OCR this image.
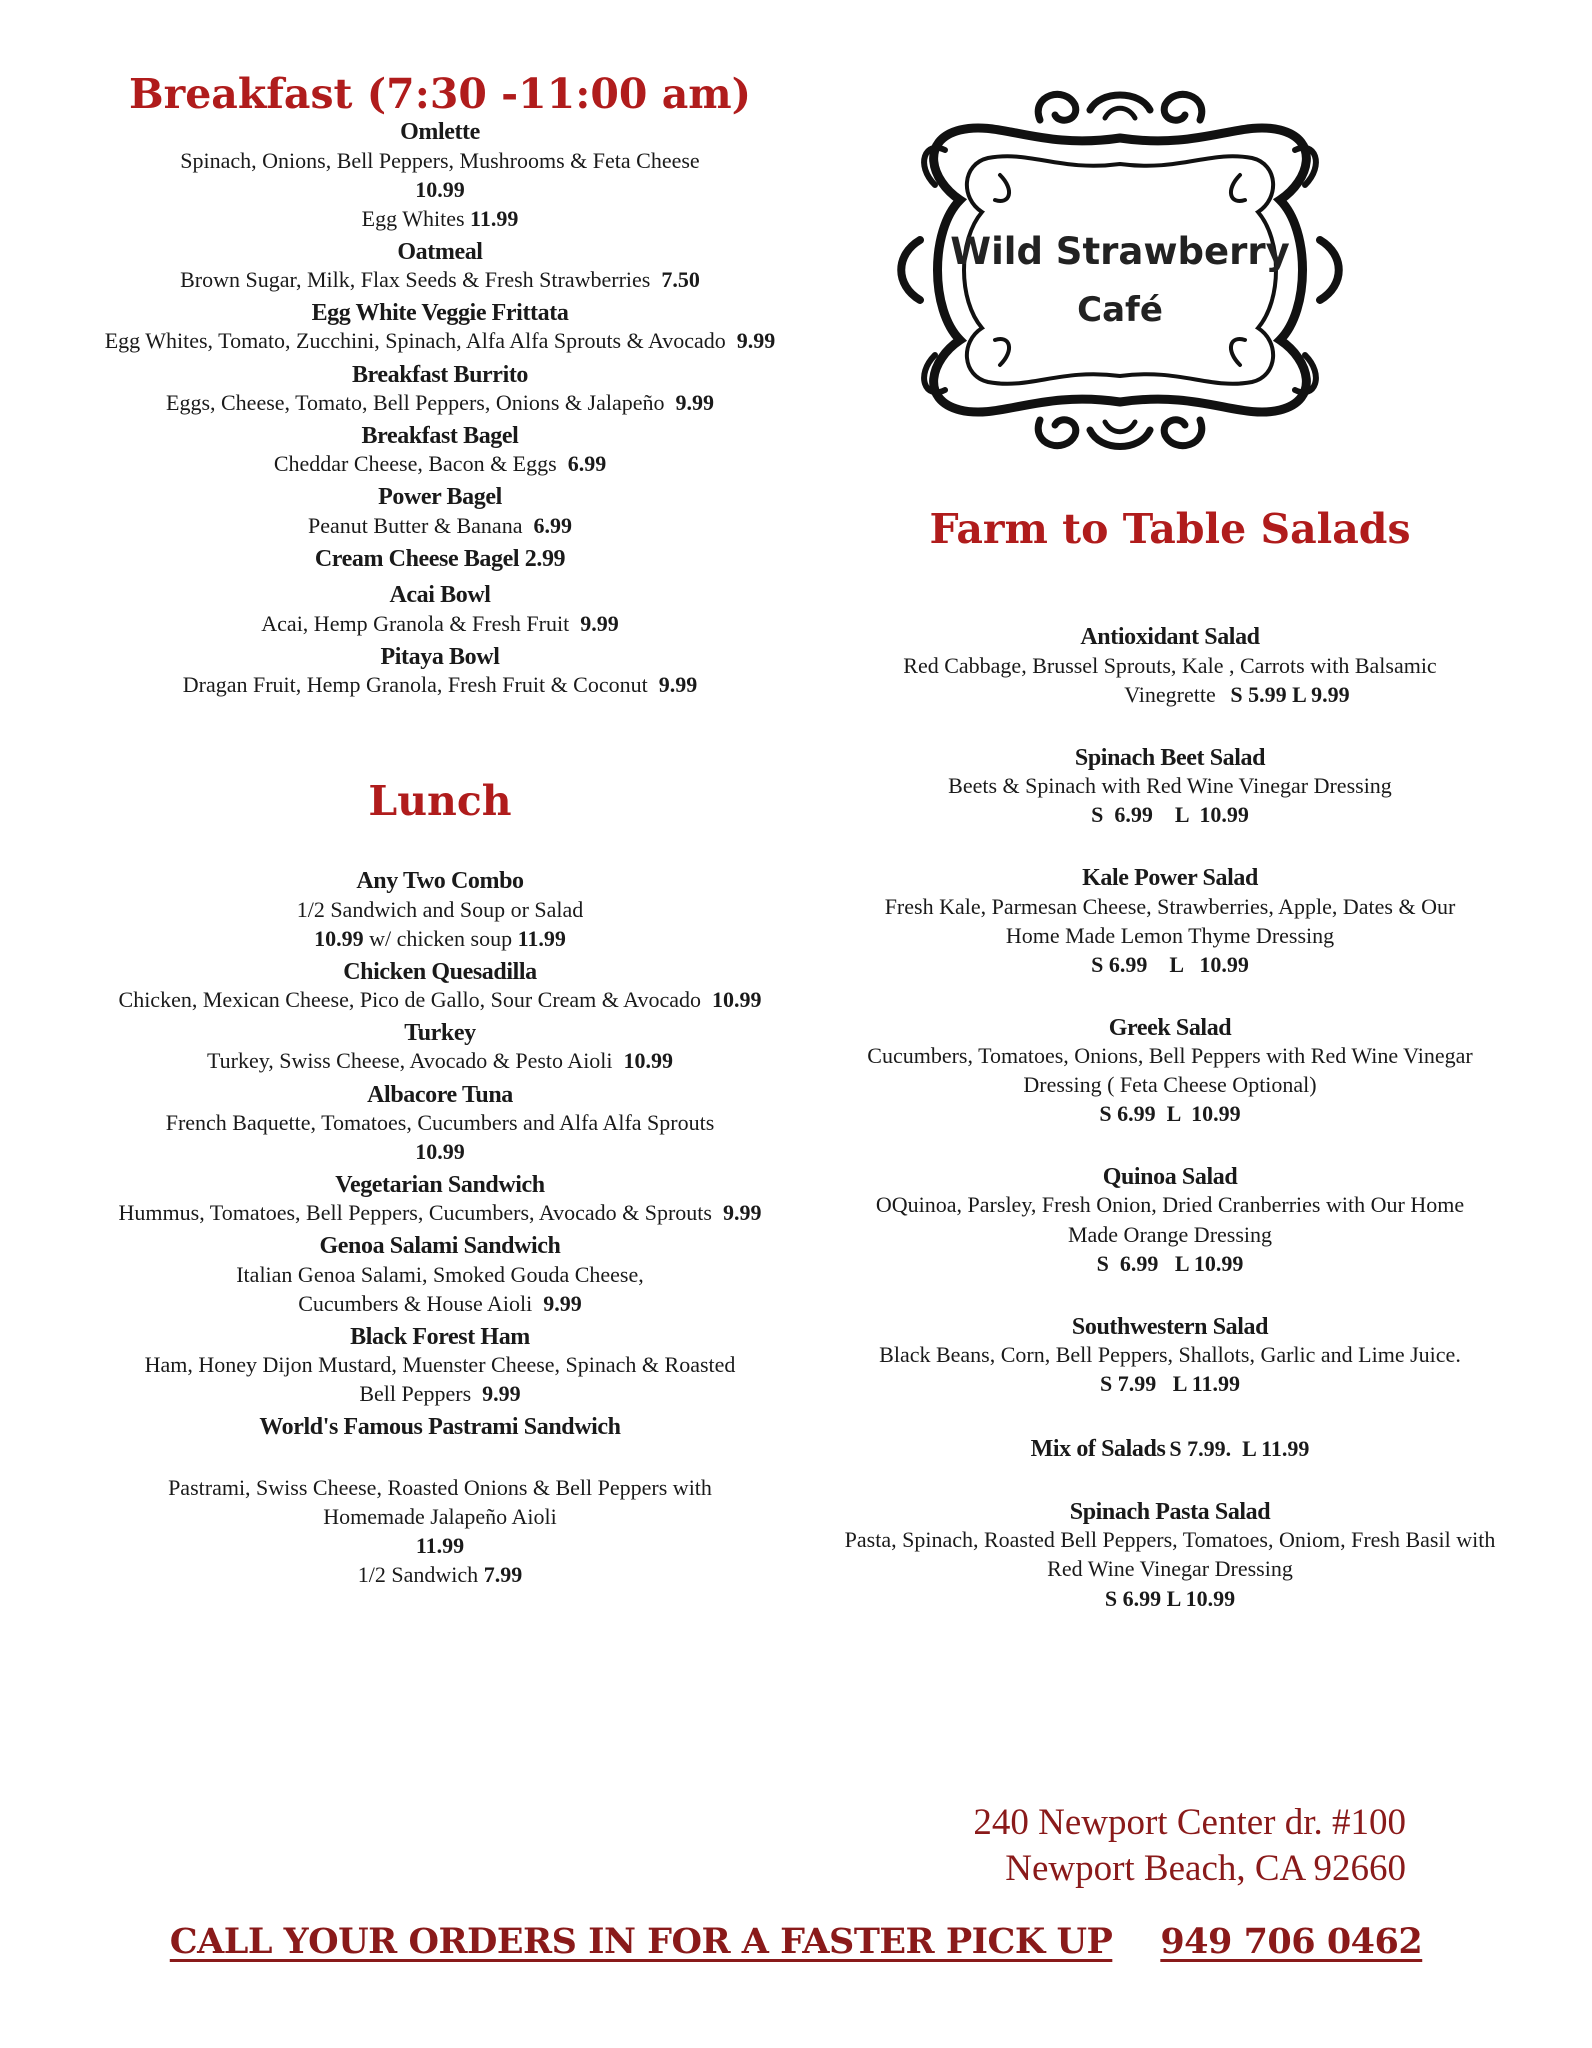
Breakfast (7:30 -11:00 am)
Omlette
Spinach, Onions, Bell Peppers, Mushrooms & Feta Cheese
10.99
Egg Whites 11.99
Oatmeal
Brown Sugar, Milk, Flax Seeds & Fresh Strawberries 7.50
Egg White Veggie Frittata
Egg Whites, Tomato, Zucchini, Spinach, Alfa Alfa Sprouts & Avocado 9.99
Breakfast Burrito
Eggs, Cheese, Tomato, Bell Peppers, Onions & Jalapeño 9.99
Breakfast Bagel
Cheddar Cheese, Bacon & Eggs 6.99
Power Bagel
Peanut Butter & Banana 6.99
Cream Cheese Bagel 2.99
Acai Bowl
Acai, Hemp Granola & Fresh Fruit 9.99
Pitaya Bowl
Dragan Fruit, Hemp Granola, Fresh Fruit & Coconut 9.99
Lunch
Any Two Combo
1/2 Sandwich and Soup or Salad
10.99 w/ chicken soup 11.99
Chicken Quesadilla
Chicken, Mexican Cheese, Pico de Gallo, Sour Cream & Avocado 10.99
Turkey
Turkey, Swiss Cheese, Avocado & Pesto Aioli 10.99
Albacore Tuna
French Baquette, Tomatoes, Cucumbers and Alfa Alfa Sprouts
10.99
Vegetarian Sandwich
Hummus, Tomatoes, Bell Peppers, Cucumbers, Avocado & Sprouts 9.99
Genoa Salami Sandwich
Italian Genoa Salami, Smoked Gouda Cheese, Cucumbers & House Aioli 9.99
Black Forest Ham
Ham, Honey Dijon Mustard, Muenster Cheese, Spinach & Roasted Bell Peppers 9.99
World's Famous Pastrami Sandwich
Pastrami, Swiss Cheese, Roasted Onions & Bell Peppers with Homemade Jalapeño Aioli
11.99
1/2 Sandwich 7.99
Wild Strawberry
Café
Farm to Table Salads
Antioxidant Salad
Red Cabbage, Brussel Sprouts, Kale , Carrots with Balsamic Vinegrette S 5.99 L 9.99
Spinach Beet Salad
Beets & Spinach with Red Wine Vinegar Dressing
S  6.99    L  10.99
Kale Power Salad
Fresh Kale, Parmesan Cheese, Strawberries, Apple, Dates & Our Home Made Lemon Thyme Dressing
S 6.99    L   10.99
Greek Salad
Cucumbers, Tomatoes, Onions, Bell Peppers with Red Wine Vinegar Dressing ( Feta Cheese Optional)
S 6.99  L  10.99
Quinoa Salad
OQuinoa, Parsley, Fresh Onion, Dried Cranberries with Our Home Made Orange Dressing
S  6.99   L 10.99
Southwestern Salad
Black Beans, Corn, Bell Peppers, Shallots, Garlic and Lime Juice.
S 7.99   L 11.99
Mix of Salads S 7.99.  L 11.99
Spinach Pasta Salad
Pasta, Spinach, Roasted Bell Peppers, Tomatoes, Oniom, Fresh Basil with Red Wine Vinegar Dressing
S 6.99 L 10.99
240 Newport Center dr. #100
Newport Beach, CA 92660
CALL YOUR ORDERS IN FOR A FASTER PICK UP 949 706 0462
